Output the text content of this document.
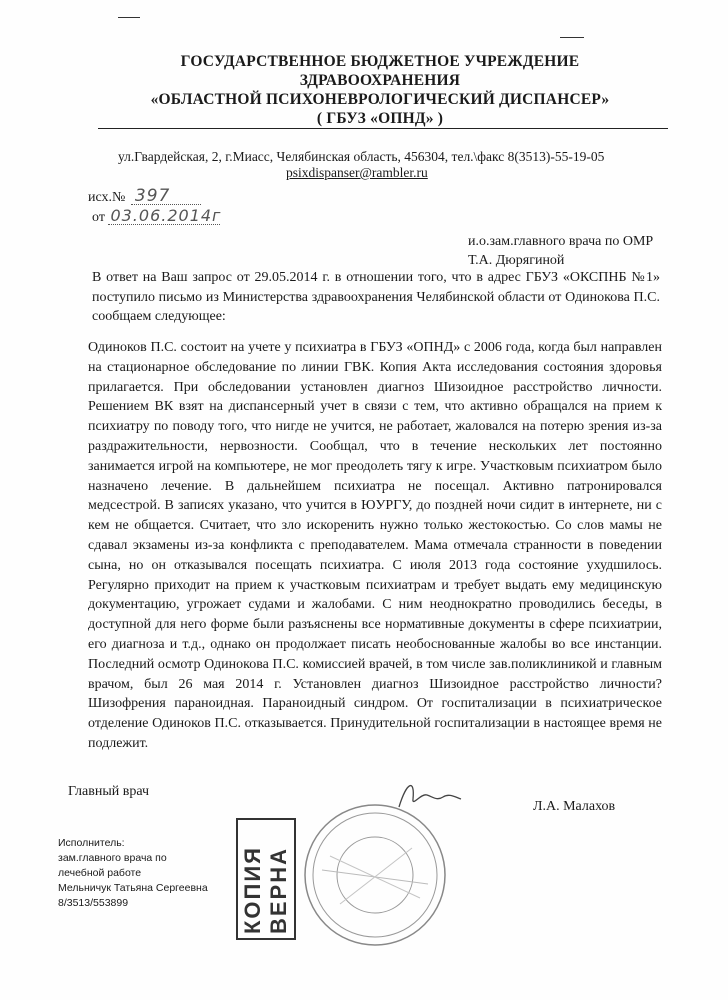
ГОСУДАРСТВЕННОЕ БЮДЖЕТНОЕ УЧРЕЖДЕНИЕ ЗДРАВООХРАНЕНИЯ
«ОБЛАСТНОЙ ПСИХОНЕВРОЛОГИЧЕСКИЙ ДИСПАНСЕР»
( ГБУЗ «ОПНД» )
ул.Гвардейская, 2, г.Миасс, Челябинская область, 456304, тел.\факс 8(3513)-55-19-05
psixdispanser@rambler.ru
исх.№ 397
от 03.06.2014г
и.о.зам.главного врача по ОМР
Т.А. Дюрягиной
В ответ на Ваш запрос от 29.05.2014 г. в отношении того, что в адрес ГБУЗ «ОКСПНБ №1» поступило письмо из Министерства здравоохранения Челябинской области от Одинокова П.С. сообщаем следующее:
Одиноков П.С. состоит на учете у психиатра в ГБУЗ «ОПНД» с 2006 года, когда был направлен на стационарное обследование по линии ГВК. Копия Акта исследования состояния здоровья прилагается. При обследовании установлен диагноз Шизоидное расстройство личности. Решением ВК взят на диспансерный учет в связи с тем, что активно обращался на прием к психиатру по поводу того, что нигде не учится, не работает, жаловался на потерю зрения из-за раздражительности, нервозности. Сообщал, что в течение нескольких лет постоянно занимается игрой на компьютере, не мог преодолеть тягу к игре. Участковым психиатром было назначено лечение. В дальнейшем психиатра не посещал. Активно патронировался медсестрой. В записях указано, что учится в ЮУРГУ, до поздней ночи сидит в интернете, ни с кем не общается. Считает, что зло искоренить нужно только жестокостью. Со слов мамы не сдавал экзамены из-за конфликта с преподавателем. Мама отмечала странности в поведении сына, но он отказывался посещать психиатра. С июля 2013 года состояние ухудшилось. Регулярно приходит на прием к участковым психиатрам и требует выдать ему медицинскую документацию, угрожает судами и жалобами. С ним неоднократно проводились беседы, в доступной для него форме были разъяснены все нормативные документы в сфере психиатрии, его диагноза и т.д., однако он продолжает писать необоснованные жалобы во все инстанции. Последний осмотр Одинокова П.С. комиссией врачей, в том числе зав.поликлиникой и главным врачом, был 26 мая 2014 г. Установлен диагноз Шизоидное расстройство личности? Шизофрения параноидная. Параноидный синдром. От госпитализации в психиатрическое отделение Одиноков П.С. отказывается. Принудительной госпитализации в настоящее время не подлежит.
Главный врач
Л.А. Малахов
Исполнитель:
зам.главного врача по
лечебной работе
Мельничук Татьяна Сергеевна
8/3513/553899	КОПИЯ ВЕРНА
